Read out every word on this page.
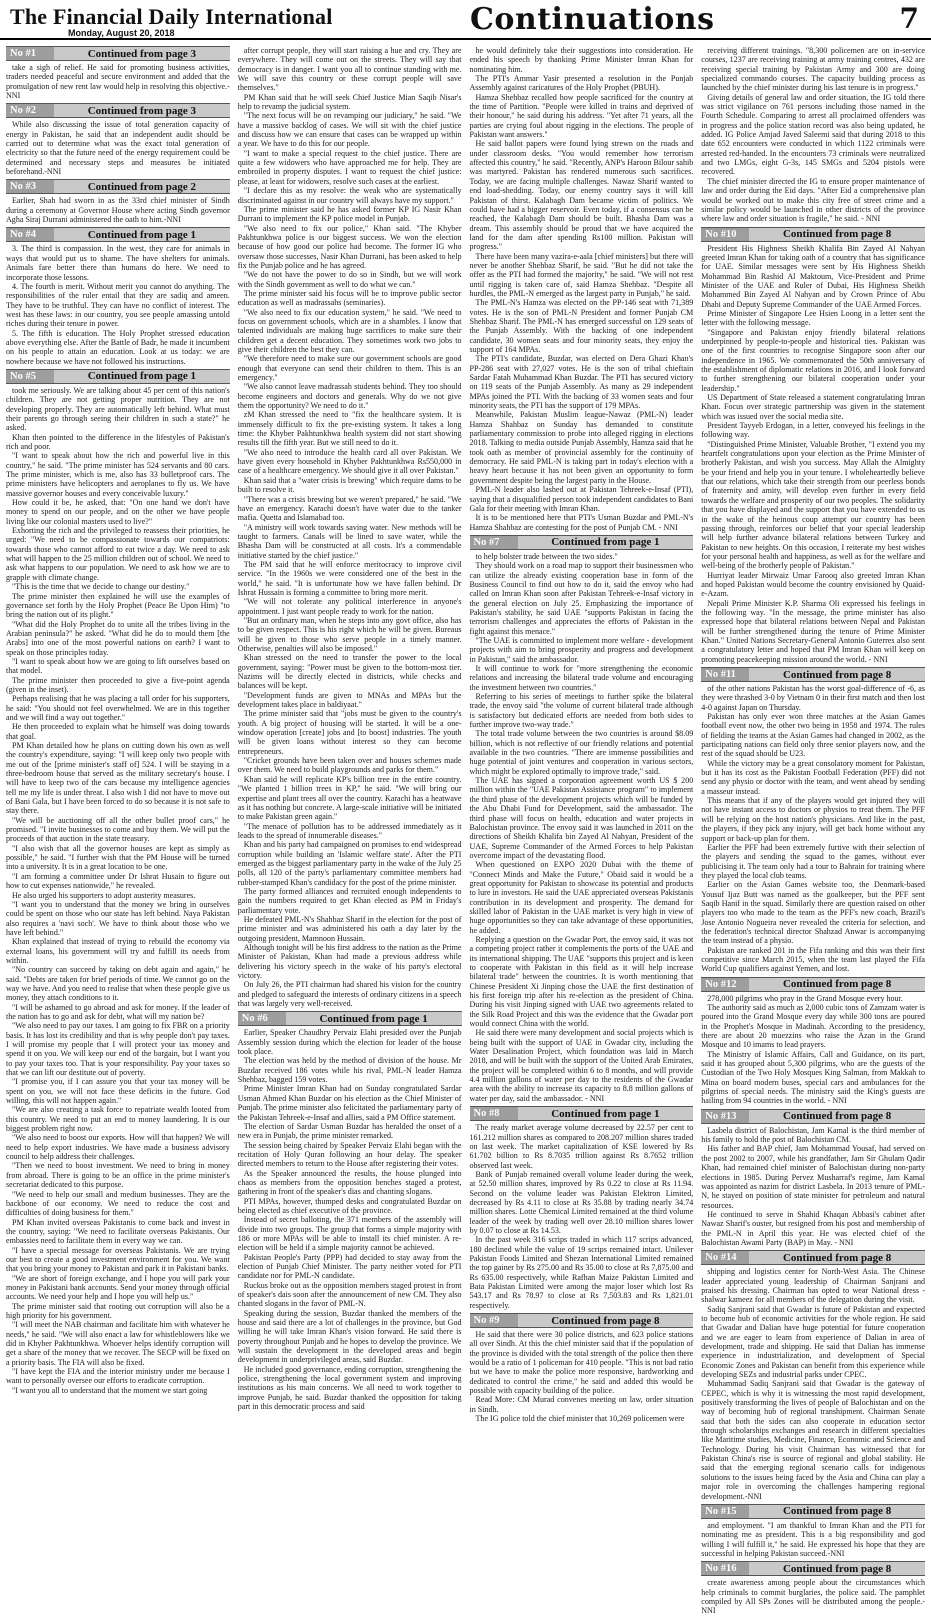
The Financial Daily International
Monday, August 20, 2018	Continuations	7
No #1	Continued from page 3

take a sigh of relief. He said for promoting business activities, traders needed peaceful and secure environment and added that the promulgation of new rent law would help in resolving this objective.-NNI

No #2	Continued from page 3

While also discussing the issue of total generation capacity of energy in Pakistan, he said that an independent audit should be carried out to determine what was the exact total generation of electricity so that the future need of the energy requirement could be determined and necessary steps and measures be initiated beforehand.-NNI

No #3	Continued from page 2

Earlier, Shah had sworn in as the 33rd chief minister of Sindh during a ceremony at Governor House where acting Sindh governor Agha Siraj Durrani administered the oath to him.-NNI

No #4	Continued from page 1

3. The third is compassion. In the west, they care for animals in ways that would put us to shame. The have shelters for animals. Animals fare better there than humans do here. We need to incorporate those lessons.

4. The fourth is merit. Without merit you cannot do anything. The responsibilities of the ruler entail that they are sadiq and ameen. They have to be truthful. They can have no conflict of interest. The west has these laws: in our country, you see people amassing untold riches during their tenure in power.

5. The fifth is education. The Holy Prophet stressed education above everything else. After the Battle of Badr, he made it incumbent on his people to attain an education. Look at us today: we are nowhere because we have not followed his instructions.

No #5	Continued from page 1

took me seriously. We are talking about 45 per cent of this nation's children. They are not getting proper nutrition. They are not developing properly. They are automatically left behind. What must their parents go through seeing their children in such a state?" he asked.

Khan then pointed to the difference in the lifestyles of Pakistan's rich and poor.

"I want to speak about how the rich and powerful live in this country," he said. "The prime minister has 524 servants and 80 cars. The prime minister, which is me, also has 33 bulletproof cars. The prime ministers have helicopters and aeroplanes to fly us. We have massive governor houses and every conceivable luxury."

How could it be, he asked, that: "On one hand we don't have money to spend on our people, and on the other we have people living like our colonial masters used to live?"

Exhorting the rich and the privileged to reassess their priorities, he urged: "We need to be compassionate towards our compatriots: towards those who cannot afford to eat twice a day. We need to ask what will happen to the 25 million children out of school. We need to ask what happens to our population. We need to ask how we are to grapple with climate change.

"This is the time that we decide to change our destiny."

The prime minister then explained he will use the examples of governance set forth by the Holy Prophet (Peace Be Upon Him) "to bring the nation out of its plight."

"What did the Holy Prophet do to unite all the tribes living in the Arabian peninsula?" he asked. "What did he do to mould them [the Arabs] into one of the most powerful nations on earth? I want to speak on those principles today.

"I want to speak about how we are going to lift ourselves based on that model.

The prime minister then proceeded to give a five-point agenda (given in the inset).

Perhaps realising that he was placing a tall order for his supporters, he said: "You should not feel overwhelmed. We are in this together and we will find a way out together."

He then proceeded to explain what he himself was doing towards that goal.

PM Khan detailed how he plans on cutting down his own as well the country's expenditure, saying: "I will keep only two people with me out of the [prime minister's staff of] 524. I will be staying in a three-bedroom house that served as the military secretary's house. I will have to keep two of the cars because my intelligence agencies tell me my life is under threat. I also wish I did not have to move out of Bani Gala, but I have been forced to do so because it is not safe to stay there.

"We will be auctioning off all the other bullet proof cars," he promised. "I invite businesses to come and buy them. We will put the proceeds of that auction in the state treasury.

"I also wish that all the governor houses are kept as simply as possible," he said. "I further wish that the PM House will be turned into a university. It is in a great location to be one.

"I am forming a committee under Dr Ishrat Husain to figure out how to cut expenses nationwide," he revealed.

He also urged his supporters to adopt austerity measures.

"I want you to understand that the money we bring in ourselves could be spent on those who our state has left behind. Naya Pakistan also requires a 'navi soch'. We have to think about those who we have left behind."

Khan explained that instead of trying to rebuild the economy via external loans, his government will try and fulfill its needs from within.

"No country can succeed by taking on debt again and again," he said. "Debts are taken for brief periods of time. We cannot go on the way we have. And you need to realise that when these people give us money, they attach conditions to it.

"I will be ashamed to go abroad and ask for money. If the leader of the nation has to go and ask for debt, what will my nation be?

"We also need to pay our taxes. I am going to fix FBR on a priority basis. It has lost its credibility and that is why people don't pay taxes. I will promise my people that I will protect your tax money and spend it on you. We will keep our end of the bargain, but I want you to pay your taxes too. That is your responsibility. Pay your taxes so that we can lift our destitute out of poverty.

"I promise you, if I can assure you that your tax money will be spent on you, we will not face these deficits in the future. God willing, this will not happen again."

"We are also creating a task force to repatriate wealth looted from this country. We need to put an end to money laundering. It is our biggest problem right now.

"We also need to boost our exports. How will that happen? We will need to help export industries. We have made a business advisory council to help address their challenges.

"Then we need to boost investment. We need to bring in money from abroad. There is going to be an office in the prime minister's secretariat dedicated to this purpose.

"We need to help our small and medium businesses. They are the backbone of our economy. We need to reduce the cost and difficulties of doing business for them."

PM Khan invited overseas Pakistanis to come back and invest in the country, saying: "We need to facilitate overseas Pakistanis. Our embassies need to facilitate them in every way we can.

"I have a special message for overseas Pakistanis. We are trying our best to create a good investment environment for you. We want that you bring your money to Pakistan and park it in Pakistani banks.

"We are short of foreign exchange, and I hope you will park your money in Pakistani bank accounts. Send your money through official accounts. We need your help and I hope you will help us."

The prime minister said that rooting out corruption will also be a high priority for his government.

"I will meet the NAB chairman and facilitate him with whatever he needs," he said. "We will also enact a law for whistleblowers like we did in Khyber Pakhtunkhwa. Whoever helps identify corruption will get a share of the money that we recover. The SECP will be fixed on a priority basis. The FIA will also be fixed.

"I have kept the FIA and the interior ministry under me because I want to personally oversee our efforts to eradicate corruption.

"I want you all to understand that the moment we start going

after corrupt people, they will start raising a hue and cry. They are everywhere. They will come out on the streets. They will say that democracy is in danger. I want you all to continue standing with me. We will save this country or these corrupt people will save themselves."

PM Khan said that he will seek Chief Justice Mian Saqib Nisar's help to revamp the judicial system.

"The next focus will be on revamping our judiciary," he said. "We have a massive backlog of cases. We will sit with the chief justice and discuss how we can ensure that cases can be wrapped up within a year. We have to do this for our people.

"I want to make a special request to the chief justice. There are quite a few widowers who have approached me for help. They are embroiled in property disputes. I want to request the chief justice: please, at least for widowers, resolve such cases at the earliest.

"I declare this as my resolve: the weak who are systematically discriminated against in our country will always have my support."

The prime minister said he has asked former KP IG Nasir Khan Durrani to implement the KP police model in Punjab.

"We also need to fix our police," Khan said. "The Khyber Pakhtunkhwa police is our biggest success. We won the election because of how good our police had become. The former IG who oversaw those successes, Nasir Khan Durrani, has been asked to help fix the Punjab police and he has agreed.

"We do not have the power to do so in Sindh, but we will work with the Sindh government as well to do what we can."

The prime minister said his focus will be to improve public sector education as well as madrassahs (seminaries).

"We also need to fix our education system," he said. "We need to focus on government schools, which are in a shambles. I know that talented individuals are making huge sacrifices to make sure their children get a decent education. They sometimes work two jobs to give their children the best they can.

"We therefore need to make sure our government schools are good enough that everyone can send their children to them. This is an emergency."

"We also cannot leave madrassah students behind. They too should become engineers and doctors and generals. Why do we not give them the opportunity? We need to do it."

zM Khan stressed the need to "fix the healthcare system. It is immensely difficult to fix the pre-existing system. It takes a long time: the Khyber Pakhtunkhwa health system did not start showing results till the fifth year. But we still need to do it.

"We also need to introduce the health card all over Pakistan. We have given every household in Khyber Pakhtunkhwa Rs550,000 in case of a healthcare emergency. We should give it all over Pakistan."

Khan said that a "water crisis is brewing" which require dams to be built to resolve it.

"There was a crisis brewing but we weren't prepared," he said. "We have an emergency. Karachi doesn't have water due to the tanker mafia. Quetta and Islamabad too.

"A ministry will work towards saving water. New methods will be taught to farmers. Canals will be lined to save water, while the Bhasha Dam will be constructed at all costs. It's a commendable initiative started by the chief justice."

The PM said that he will enforce meritocracy to improve civil service. "In the 1960s we were considered one of the best in the world," he said. "It is unfortunate how we have fallen behind. Dr Ishrat Hussain is forming a committee to bring more merit.

"We will not tolerate any political interference in anyone's appointment. I just want people ready to work for the nation.

"But an ordinary man, when he steps into any govt office, also has to be given respect. This is his right which he will be given. Bureaus will be given to those who serve people in a timely manner. Otherwise, penalties will also be imposed."

Khan stressed on the need to transfer the power to the local government, saying: "Power must be given to the bottom-most tier. Nazims will be directly elected in districts, while checks and balances will be kept.

"Development funds are given to MNAs and MPAs but the development takes place in baldiyaat."

The prime minister said that "jobs must be given to the country's youth. A big project of housing will be started. It will be a one-window operation [create] jobs and [to boost] industries. The youth will be given loans without interest so they can become entrepreneurs.

"Cricket grounds have been taken over and houses schemes made over them. We need to build playgrounds and parks for them."

Khan said he will replicate KP's billion tree in the entire country. "We planted 1 billion trees in KP," he said. "We will bring our expertise and plant trees all over the country. Karachi has a heatwave as it has nothing but concrete. A large-scale initiative will be initiated to make Pakistan green again."

"The menace of pollution has to be addressed immediately as it leads to the spread of innumerable diseases."

Khan and his party had campaigned on promises to end widespread corruption while building an 'Islamic welfare state'. After the PTI emerged as the biggest parliamentary party in the wake of the July 25 polls, all 120 of the party's parliamentary committee members had rubber-stamped Khan's candidacy for the post of the prime minister.

The party formed alliances and recruited enough independents to gain the numbers required to get Khan elected as PM in Friday's parliamentary vote.

He defeated PML-N's Shahbaz Sharif in the election for the post of prime minister and was administered his oath a day later by the outgoing president, Mamnoon Hussain.

Although tonight will be his first address to the nation as the Prime Minister of Pakistan, Khan had made a previous address while delivering his victory speech in the wake of his party's electoral victory.

On July 26, the PTI chairman had shared his vision for the country and pledged to safeguard the interests of ordinary citizens in a speech that was largely very well-received.

No #6	Continued from page 1

Earlier, Speaker Chaudhry Pervaiz Elahi presided over the Punjab Assembly session during which the election for leader of the house took place.

The election was held by the method of division of the house. Mr Buzdar received 186 votes while his rival, PML-N leader Hamza Shehbaz, bagged 159 votes.

Prime Minister Imran Khan had on Sunday congratulated Sardar Usman Ahmed Khan Buzdar on his election as the Chief Minister of Punjab. The prime minister also felicitated the parliamentary party of the Pakistan Tehreek-e-Insaf and allies, said a PM Office statement.

The election of Sardar Usman Buzdar has heralded the onset of a new era in Punjab, the prime minister remarked.

The session being chaired by Speaker Pervaiz Elahi began with the recitation of Holy Quran following an hour delay. The speaker directed members to return to the House after registering their votes.

As the Speaker announced the results, the house plunged into chaos as members from the opposition benches staged a protest, gathering in front of the speaker's dias and chanting slogans.

PTI MPAs, however, thumped desks and congratulated Buzdar on being elected as chief executive of the province.

Instead of secret balloting, the 371 members of the assembly will divide into two groups. The group that forms a simple majority with 186 or more MPAs will be able to install its chief minister. A re-election will be held if a simple majority cannot be achieved.

Pakistan People's Party (PPP) had decided to stay away from the election of Punjab Chief Minister. The party neither voted for PTI candidate nor for PML-N candidate.

Ruckus broke out as the opposition members staged protest in front of speaker's dais soon after the announcement of new CM. They also chanted slogans in the favor of PML-N.

Speaking during the session, Buzdar thanked the members of the house and said there are a lot of challenges in the province, but God willing he will take Imran Khan's vision forward. He said there is poverty throughout Punjab and he hopes to develop the province. We will sustain the development in the developed areas and begin development in underprivileged areas, said Buzdar.

He included good governance, ending corruption, strengthening the police, strengthening the local government system and improving institutions as his main concerns. We all need to work together to improve Punjab, he said. Buzdar thanked the opposition for taking part in this democratic process and said

he would definitely take their suggestions into consideration. He ended his speech by thanking Prime Minister Imran Khan for nominating him.

The PTI's Ammar Yasir presented a resolution in the Punjab Assembly against caricatures of the Holy Prophet (PBUH).

Hamza Shehbaz recalled how people sacrificed for the country at the time of Partition. "People were killed in trains and deprived of their honour," he said during his address. "Yet after 71 years, all the parties are crying foul about rigging in the elections. The people of Pakistan want answers."

He said ballot papers were found lying strewn on the roads and under classroom desks. "You would remember how terrorism affected this country," he said. "Recently, ANP's Haroon Bilour sahib was martyred. Pakistan has rendered numerous such sacrifices. Today, we are facing multiple challenges. Nawaz Sharif wanted to end load-shedding. Today, our enemy country says it will kill Pakistan of thirst. Kalabagh Dam became victim of politics. We could have had a bigger reservoir. Even today, if a consensus can be reached, the Kalabagh Dam should be built. Bhasha Dam was a dream. This assembly should be proud that we have acquired the land for the dam after spending Rs100 million. Pakistan will progress."

There have been many vazira-e-aala [chief ministers] but there will never be another Shehbaz Sharif, he said. "But he did not take the offer as the PTI had formed the majority," he said. "We will not rest until rigging is taken care of, said Hamza Shehbaz. "Despite all hurdles, the PML-N emerged as the largest party in Punjab," he said.

The PML-N's Hamza was elected on the PP-146 seat with 71,389 votes. He is the son of PML-N President and former Punjab CM Shehbaz Sharif. The PML-N has emerged successful on 129 seats of the Punjab Assembly. With the backing of one independent candidate, 30 women seats and four minority seats, they enjoy the support of 164 MPAs.

The PTI's candidate, Buzdar, was elected on Dera Ghazi Khan's PP-286 seat with 27,027 votes. He is the son of tribal chieftain Sardar Fatah Muhammad Khan Buzdar. The PTI has secured victory on 119 seats of the Punjab Assembly. As many as 29 independent MPAs joined the PTI. With the backing of 33 women seats and four minority seats, the PTI has the support of 179 MPAs.

Meanwhile, Pakistan Muslim league-Nawaz (PML-N) leader Hamza Shahbaz on Sunday has demanded to constitute parliamentary commission to probe into alleged rigging in elections 2018. Talking to media outside Punjab Assembly, Hamza said that he took oath as member of provincial assembly for the continuity of democracy. He said PML-N is taking part in today's election with a heavy heart because it has not been given an opportunity to form government despite being the largest party in the House.

PML-N leader also lashed out at Pakistan Tehreek-e-Insaf (PTI), saying that a disqualified person took independent candidates to Bani Gala for their meeting with Imran Khan.

It is to be mentioned here that PTI's Usman Buzdar and PML-N's Hamza Shahbaz are contesting for the post of Punjab CM. - NNI

No #7	Continued from page 1

to help bolster trade between the two sides."

They should work on a road map to support their businessmen who can utilize the already existing cooperation base in form of the Business Council to find out how to do it, said the envoy who had called on Imran Khan soon after Pakistan Tehreek-e-Insaf victory in the general election on July 25. Emphasizing the importance of Pakistan's stability, he said UAE "supports Pakistan in facing the terrorism challenges and appreciates the efforts of Pakistan in the fight against this menace."

"The UAE is committed to implement more welfare - development projects with aim to bring prosperity and progress and development in Pakistan," said the ambassador.

It will continue to work for "more strengthening the economic relations and increasing the bilateral trade volume and encouraging the investment between two countries."

Referring to his series of meetings to further spike the bilateral trade, the envoy said "the volume of current bilateral trade although is satisfactory but dedicated efforts are needed from both sides to further improve two-way trade."

The total trade volume between the two countries is around $8.09 billion, which is not reflective of our friendly relations and potential available in the two countries. "There are immense possibilities and huge potential of joint ventures and cooperation in various sectors, which might be explored optimally to improve trade," said.

The UAE has signed a corporation agreement worth US $ 200 million within the "UAE Pakistan Assistance program" to implement the third phase of the development projects which will be funded by the Abu Dhabi Fund for Development, said the ambassador. The third phase will focus on health, education and water projects in Balochistan province. The envoy said it was launched in 2011 on the directions of Sheikh Khalifa bin Zayed Al Nahyan, President of the UAE, Supreme Commander of the Armed Forces to help Pakistan overcome impact of the devastating flood.

When questioned on EXPO 2020 Dubai with the theme of "Connect Minds and Make the Future," Obaid said it would be a great opportunity for Pakistan to showcase its potential and products to lure in investors. He said the UAE appreciated overseas Pakistanis contribution in its development and prosperity. The demand for skilled labor of Pakistan in the UAE market is very high in view of huge opportunities so they can take advantage of these opportunities, he added.

Replying a question on the Gwadar Port, the envoy said, it was not a competing project rather it complements the ports of the UAE and its international shipping. The UAE "supports this project and is keen to cooperate with Pakistan in this field as it will help increase bilateral trade" between the countries. It is worth mentioning that Chinese President Xi Jinping chose the UAE the first destination of his first foreign trip after his re-election as the president of China. During his visit Jinping signed with UAE two agreements related to the Silk Road Project and this was the evidence that the Gwadar port would connect China with the world.

He said there were many development and social projects which is being built with the support of UAE in Gwadar city, including the Water Desalination Project, which foundation was laid in March 2018, and will be built with the support of the United Arab Emirates, the project will be completed within 6 to 8 months, and will provide 4.4 million gallons of water per day to the residents of the Gwadar area with the ability to increase its capacity to 8.8 million gallons of water per day, said the ambassador. - NNI

No #8	Continued from page 1

The ready market average volume decreased by 22.57 per cent to 161.212 million shares as compared to 208.207 million shares traded on last week. The market capitalization of KSE lowered by Rs 61.702 billion to Rs 8.7035 trillion against Rs 8.7652 trillion observed last week.

Bank of Punjab remained overall volume leader during the week, at 52.50 million shares, improved by Rs 0.22 to close at Rs 11.94. Second on the volume leader was Pakistan Elektron Limited, decreased by Rs 4.11 to close at Rs 35.88 by trading nearly 34.74 million shares. Lotte Chemical Limited remained at the third volume leader of the week by trading well over 28.10 million shares lower by 0.07 to close at Rs 14.53.

In the past week 316 scrips traded in which 117 scrips advanced, 180 declined while the value of 19 scrips remained intact. Unilever Pakistan Foods Limited and Shezan International Limited remained the top gainer by Rs 275.00 and Rs 35.00 to close at Rs 7,875.00 and Rs 635.00 respectively, while Rafhan Maize Pakistan Limited and Bata Pakistan Limited were among the major loser which lost Rs 543.17 and Rs 78.97 to close at Rs 7,503.83 and Rs 1,821.01 respectively.

No #9	Continued from page 8

He said that there were 30 police districts, and 623 police stations all over Sindh. At this the chief minister said that if the population of the province is divided with the total strength of the police then there would be a ratio of 1 policeman for 410 people. "This is not bad ratio but we have to make the police more responsive, hardworking and dedicated to control the crime," he said and added this would be possible with capacity building of the police.

Read More: CM Murad convenes meeting on law, order situation in Sindh.

The IG police told the chief minister that 10,269 policemen were

receiving different trainings. "8,300 policemen are on in-service courses, 1237 are receiving training at army training centres, 432 are receiving special training by Pakistan Army and 300 are doing specialized commando courses. The capacity building process as launched by the chief minister during his last tenure is in progress."

Giving details of general law and order situation, the IG told there was strict vigilance on 761 persons including those named in the Fourth Schedule. Comparing to arrest all proclaimed offenders was in progress and the police station record was also being updated, he added. IG Police Amjad Javed Saleemi said that during 2018 to this date 652 encounters were conducted in which 1122 criminals were arrested red-handed. In the encounters 73 criminals were neutralized and two LMGs, eight G-3s, 145 SMGs and 5204 pistols were recovered.

The chief minister directed the IG to ensure proper maintenance of law and order during the Eid days. "After Eid a comprehensive plan would be worked out to make this city free of street crime and a similar policy would be launched in other districts of the province where law and order situation is fragile," he said. - NNI

No #10	Continued from page 8

President His Highness Sheikh Khalifa Bin Zayed Al Nahyan greeted Imran Khan for taking oath of a country that has significance for UAE. Similar messages were sent by His Highness Sheikh Mohammad Bin Rashid Al Maktoum, Vice-President and Prime Minister of the UAE and Ruler of Dubai, His Highness Sheikh Mohammed Bin Zayed Al Nahyan and by Crown Prince of Abu Dhabi and Deputy Supreme Commander of the UAE Armed Forces.

Prime Minister of Singapore Lee Hsien Loong in a letter sent the letter with the following message.

"Singapore and Pakistan enjoy friendly bilateral relations underpinned by people-to-people and historical ties. Pakistan was one of the first countries to recognise Singapore soon after our independence in 1965. We commemorated the 50th anniversary of the establishment of diplomatic relations in 2016, and I look forward to further strengthening our bilateral cooperation under your leadership."

US Department of State released a statement congratulating Imran Khan. Focus over strategic partnership was given in the statement which was issued over the social media site.

President Tayyeb Erdogan, in a letter, conveyed his feelings in the following way.

"Distinguished Prime Minister, Valuable Brother, "I extend you my heartfelt congratulations upon your election as the Prime Minister of brotherly Pakistan, and wish you success. May Allah the Almighty be your friend and help you in your tenure. I wholeheartedly believe that our relations, which take their strength from our peerless bonds of fraternity and amity, will develop even further in every field towards the welfare and prosperity of our two peoples. The solidarity that you have displayed and the support that you have extended to us in the wake of the heinous coup attempt our country has been passing through, reinforces our belief that your special leadership will help further advance bilateral relations between Turkey and Pakistan to new heights. On this occasion, I reiterate my best wishes for your personal health and happiness, as well as for the welfare and well-being of the brotherly people of Pakistan."

Hurriyat leader Mirwaiz Umar Farooq also greeted Imran Khan and hoped Pakistan would become the country envisioned by Quaid-e-Azam.

Nepali Prime Minister K.P. Sharma Oli expressed his feelings in the following way. "In the message, the prime minister has also expressed hope that bilateral relations between Nepal and Pakistan will be further strengthened during the tenure of Prime Minister Khan." United Nations Secretary-General Antonio Guterres also sent a congratulatory letter and hoped that PM Imran Khan will keep on promoting peacekeeping mission around the world. - NNI

No #11	Continued from page 8

of the other nations Pakistan has the worst goal-difference of -6, as they were thrashed 3-0 by Vietnam 0 in their first match and then lost 4-0 against Japan on Thursday.

Pakistan has only ever won three matches at the Asian Games football event now, the other two being in 1958 and 1974. The rules of fielding the teams at the Asian Games had changed in 2002, as the participating nations can field only three senior players now, and the rest of the squad should be U23.

While the victory may be a great consolatory moment for Pakistan, but it has its cost as the Pakistan Football Federation (PFF) did not send any physio or doctor with the team, and went ahead by sending a masseur instead.

This means that if any of the players would get injured they will not have instant access to doctors or physios to treat them. The PFF will be relying on the host nation's physicians. And like in the past, the players, if they pick any injury, will get back home without any support or back-up plan for them.

Earlier the PFF had been extremely furtive with their selection of the players and sending the squad to the games, without ever publicising it. The team only had a tour to Bahrain for training where they played the local club teams.

Earlier on the Asian Games website too, the Denmark-based Yousuf Ijaz Butt was named as the goalkeeper, but the PFF sent Saqib Hanif in the squad. Similarly there are question raised on other players too who made to the team as the PFF's new coach, Brazil's Jose Antonio Nogueira never revealed the criteria for selection, and the federation's technical director Shahzad Anwar is accompanying the team instead of a physio.

Pakistan are ranked 201 in the Fifa ranking and this was their first competitive since March 2015, when the team last played the Fifa World Cup qualifiers against Yemen, and lost.

No #12	Continued from page 8

278,000 pilgrims who pray in the Grand Mosque every hour.

The authority said as much as 2,000 cubic tons of Zamzam water is poured into the Grand Mosque every day while 300 tons are poured in the Prophet's Mosque in Madinah. According to the presidency, there are about 20 muezzins who raise the Azan in the Grand Mosque and 10 imams to lead prayers.

The Ministry of Islamic Affairs, Call and Guidance, on its part, said it has grouped about 5,300 pilgrims, who are the guests of the Custodian of the Two Holy Mosques King Salman, from Makkah to Mina on board modern buses, special cars and ambulances for the pilgrims of special needs. The ministry said the King's guests are hailing from 94 countries in the world. - NNI

No #13	Continued from page 8

Lasbela district of Balochistan, Jam Kamal is the third member of his family to hold the post of Balochistan CM.

His father and BAP chief, Jam Mohammad Yousaf, had served on the post 2002 to 2007, while his grandfather, Jam Sir Ghulam Qadir Khan, had remained chief minister of Balochistan during non-party elections in 1985. During Pervez Musharraf's regime, Jam Kamal was appointed as nazim for district Lasbela. In 2013 tenure of PML-N, he stayed on position of state minister for petroleum and natural resources.

He continued to serve in Shahid Khaqan Abbasi's cabinet after Nawaz Sharif's ouster, but resigned from his post and membership of the PML-N in April this year. He was elected chief of the Balochistan Awami Party (BAP) in May. - NNI

No #14	Continued from page 8

shipping and logistics center for North-West Asia. The Chinese leader appreciated young leadership of Chairman Sanjrani and praised his dressing. Chairman has opted to wear National dress - shalwar kameez for all members of the delegation during the visit.

Sadiq Sanjrani said that Gwadar is future of Pakistan and expected to become hub of economic activities for the whole region. He said that Gwadar and Dalian have huge potential for future cooperation and we are eager to learn from experience of Dalian in area of development, trade and shipping. He said that Dalian has immense experience in industrialization, and development of Special Economic Zones and Pakistan can benefit from this experience while developing SEZs and industrial parks under CPEC.

Muhammad Sadiq Sanjrani said that Gwadar is the gateway of CEPEC, which is why it is witnessing the most rapid development, positively transforming the lives of people of Balochistan and on the way of becoming hub of regional transhipment. Chairman Senate said that both the sides can also cooperate in education sector through scholarships exchanges and research in different specialties like Maritime studies, Medicine, Finance, Economic and Science and Technology. During his visit Chairman has witnessed that for Pakistan China's rise is source of regional and global stability. He said that the emerging regional scenario calls for indigenous solutions to the issues being faced by the Asia and China can play a major role in overcoming the challenges hampering regional development.-NNI

No #15	Continued from page 8

and employment. "I am thankful to Imran Khan and the PTI for nominating me as president. This is a big responsibility and god willing I will fulfill it," he said. He expressed his hope that they are successful in helping Pakistan succeed.-NNI

No #16	Continued from page 8

create awareness among people about the circumstances which help criminals to commit burglaries, the police said. The pamphlet compiled by All SPs Zones will be distributed among the people.-NNI
